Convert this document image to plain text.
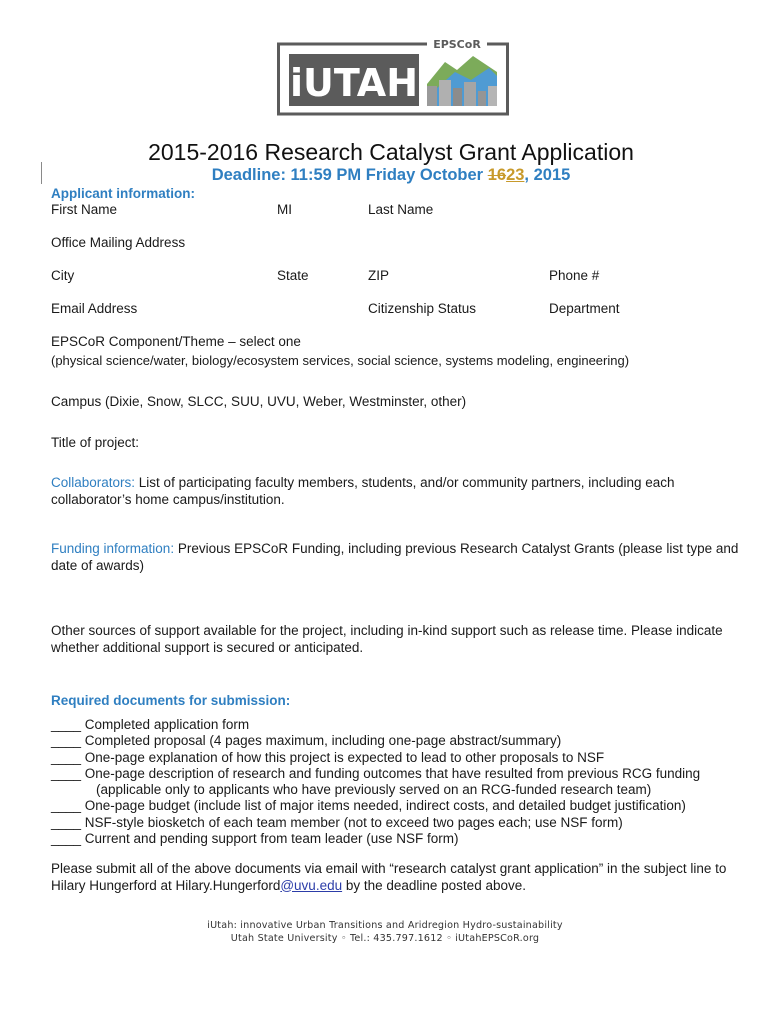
EPSCoR
iUTAH
2015-2016 Research Catalyst Grant Application
Deadline: 11:59 PM Friday October 1623, 2015
Applicant information:
First Name	MI	Last Name
Office Mailing Address
City	State	ZIP	Phone #
Email Address	Citizenship Status	Department
EPSCoR Component/Theme – select one
(physical science/water, biology/ecosystem services, social science, systems modeling, engineering)
Campus (Dixie, Snow, SLCC, SUU, UVU, Weber, Westminster, other)
Title of project:
Collaborators: List of participating faculty members, students, and/or community partners, including each collaborator’s home campus/institution.
Funding information: Previous EPSCoR Funding, including previous Research Catalyst Grants (please list type and date of awards)
Other sources of support available for the project, including in-kind support such as release time. Please indicate whether additional support is secured or anticipated.
Required documents for submission:
____ Completed application form
____ Completed proposal (4 pages maximum, including one-page abstract/summary)
____ One-page explanation of how this project is expected to lead to other proposals to NSF
____ One-page description of research and funding outcomes that have resulted from previous RCG funding
(applicable only to applicants who have previously served on an RCG-funded research team)
____ One-page budget (include list of major items needed, indirect costs, and detailed budget justification)
____ NSF-style biosketch of each team member (not to exceed two pages each; use NSF form)
____ Current and pending support from team leader (use NSF form)
Please submit all of the above documents via email with “research catalyst grant application” in the subject line to Hilary Hungerford at Hilary.Hungerford@uvu.edu by the deadline posted above.
iUtah: innovative Urban Transitions and Aridregion Hydro-sustainability
Utah State University ◦ Tel.: 435.797.1612 ◦ iUtahEPSCoR.org
